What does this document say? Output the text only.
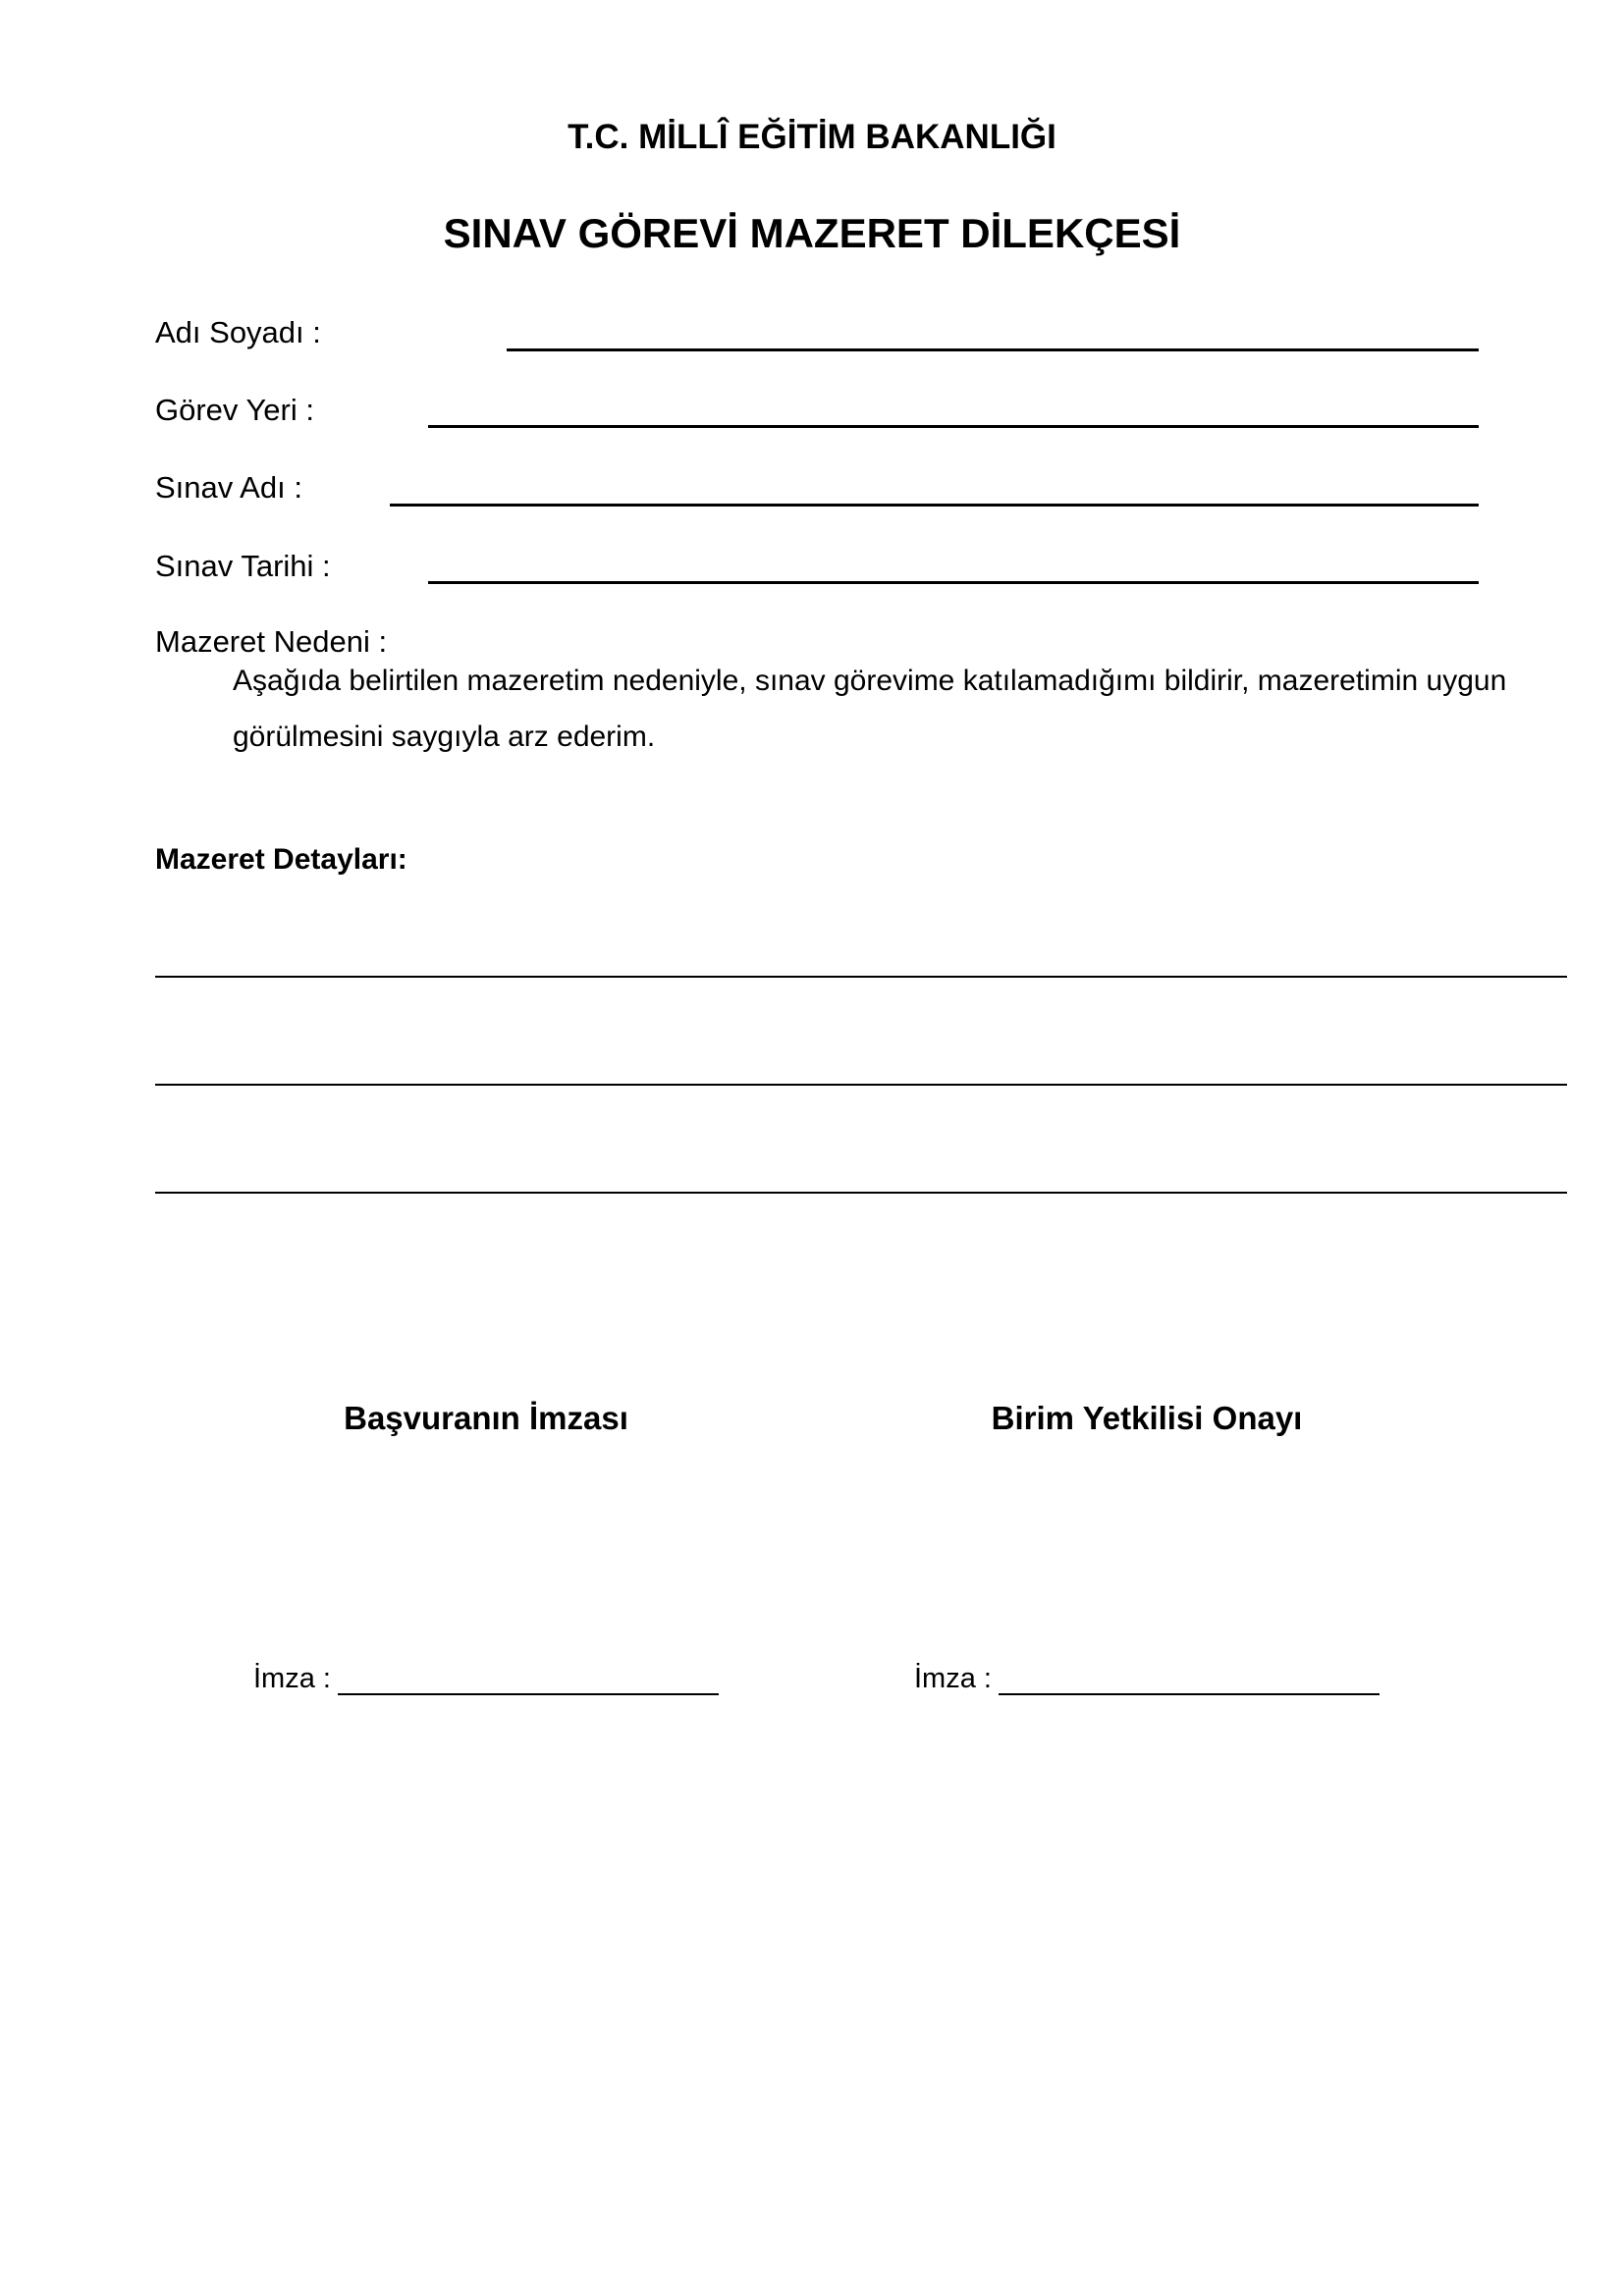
T.C. MİLLÎ EĞİTİM BAKANLIĞI
SINAV GÖREVİ MAZERET DİLEKÇESİ
Adı Soyadı :
Görev Yeri :
Sınav Adı :
Sınav Tarihi :
Mazeret Nedeni :
Aşağıda belirtilen mazeretim nedeniyle, sınav görevime katılamadığımı bildirir, mazeretimin uygun görülmesini saygıyla arz ederim.
Mazeret Detayları:
Başvuranın İmzası	Birim Yetkilisi Onayı
İmza :	İmza :
